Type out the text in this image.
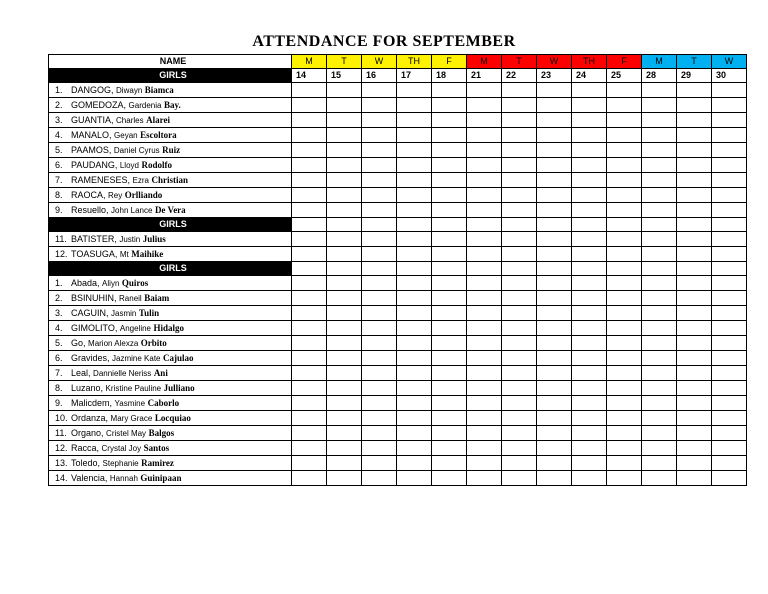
ATTENDANCE FOR SEPTEMBER
NAME	M	T	W	TH	F	M	T	W	TH	F	M	T	W
GIRLS	14	15	16	17	18	21	22	23	24	25	28	29	30
1. DANGOG, Diwayn Biamca													
2. GOMEDOZA, Gardenia Bay.													
3. GUANTIA, Charles Alarei													
4. MANALO, Geyan Escoltora													
5. PAAMOS, Daniel Cyrus Ruiz													
6. PAUDANG, Lloyd Rodolfo													
7. RAMENESES, Ezra Christian													
8. RAOCA, Rey Orlliando													
9. Resuello, John Lance De Vera													
GIRLS													
11. BATISTER, Justin Julius													
12. TOASUGA, Mt Maihike													
GIRLS													
1. Abada, Aliyn Quiros													
2. BSINUHIN, Raneil Baiam													
3. CAGUIN, Jasmin Tulin													
4. GIMOLITO, Angeline Hidalgo													
5. Go, Marion Alexza Orbito													
6. Gravides, Jazmine Kate Cajulao													
7. Leal, Dannielle Neriss Ani													
8. Luzano, Kristine Pauline Julliano													
9. Malicdem, Yasmine Caborlo													
10. Ordanza, Mary Grace Locquiao													
11. Organo, Cristel May Balgos													
12. Racca, Crystal Joy Santos													
13. Toledo, Stephanie Ramirez													
14. Valencia, Hannah Guinipaan													
